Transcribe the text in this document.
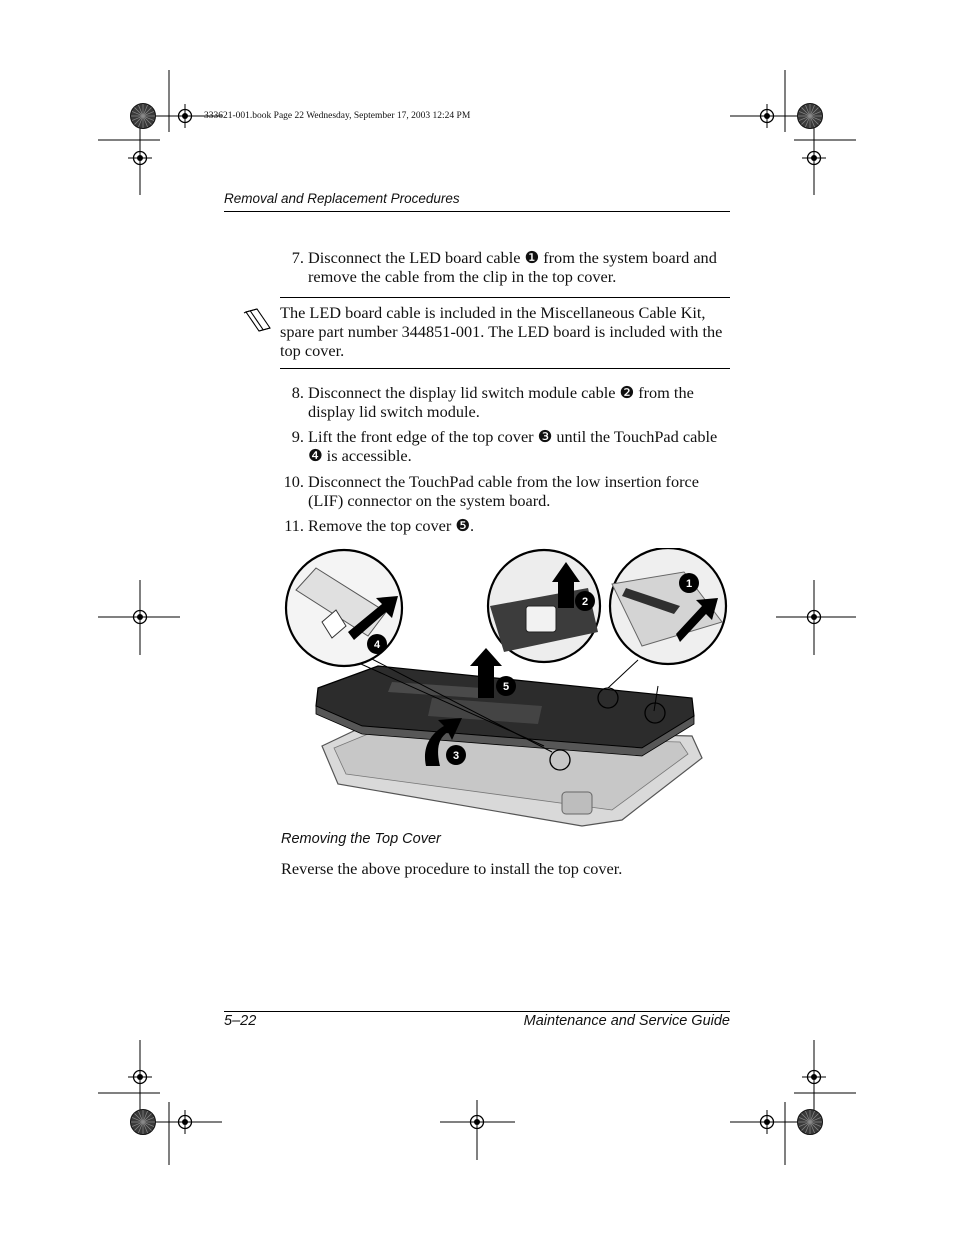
333621-001.book Page 22 Wednesday, September 17, 2003 12:24 PM
Removal and Replacement Procedures
7. Disconnect the LED board cable ❶ from the system board and remove the cable from the clip in the top cover.
The LED board cable is included in the Miscellaneous Cable Kit, spare part number 344851-001. The LED board is included with the top cover.
8. Disconnect the display lid switch module cable ❷ from the display lid switch module.
9. Lift the front edge of the top cover ❸ until the TouchPad cable ❹ is accessible.
10. Disconnect the TouchPad cable from the low insertion force (LIF) connector on the system board.
11. Remove the top cover ❺.
4
2
1
5
3
Removing the Top Cover
Reverse the above procedure to install the top cover.
5–22	Maintenance and Service Guide
